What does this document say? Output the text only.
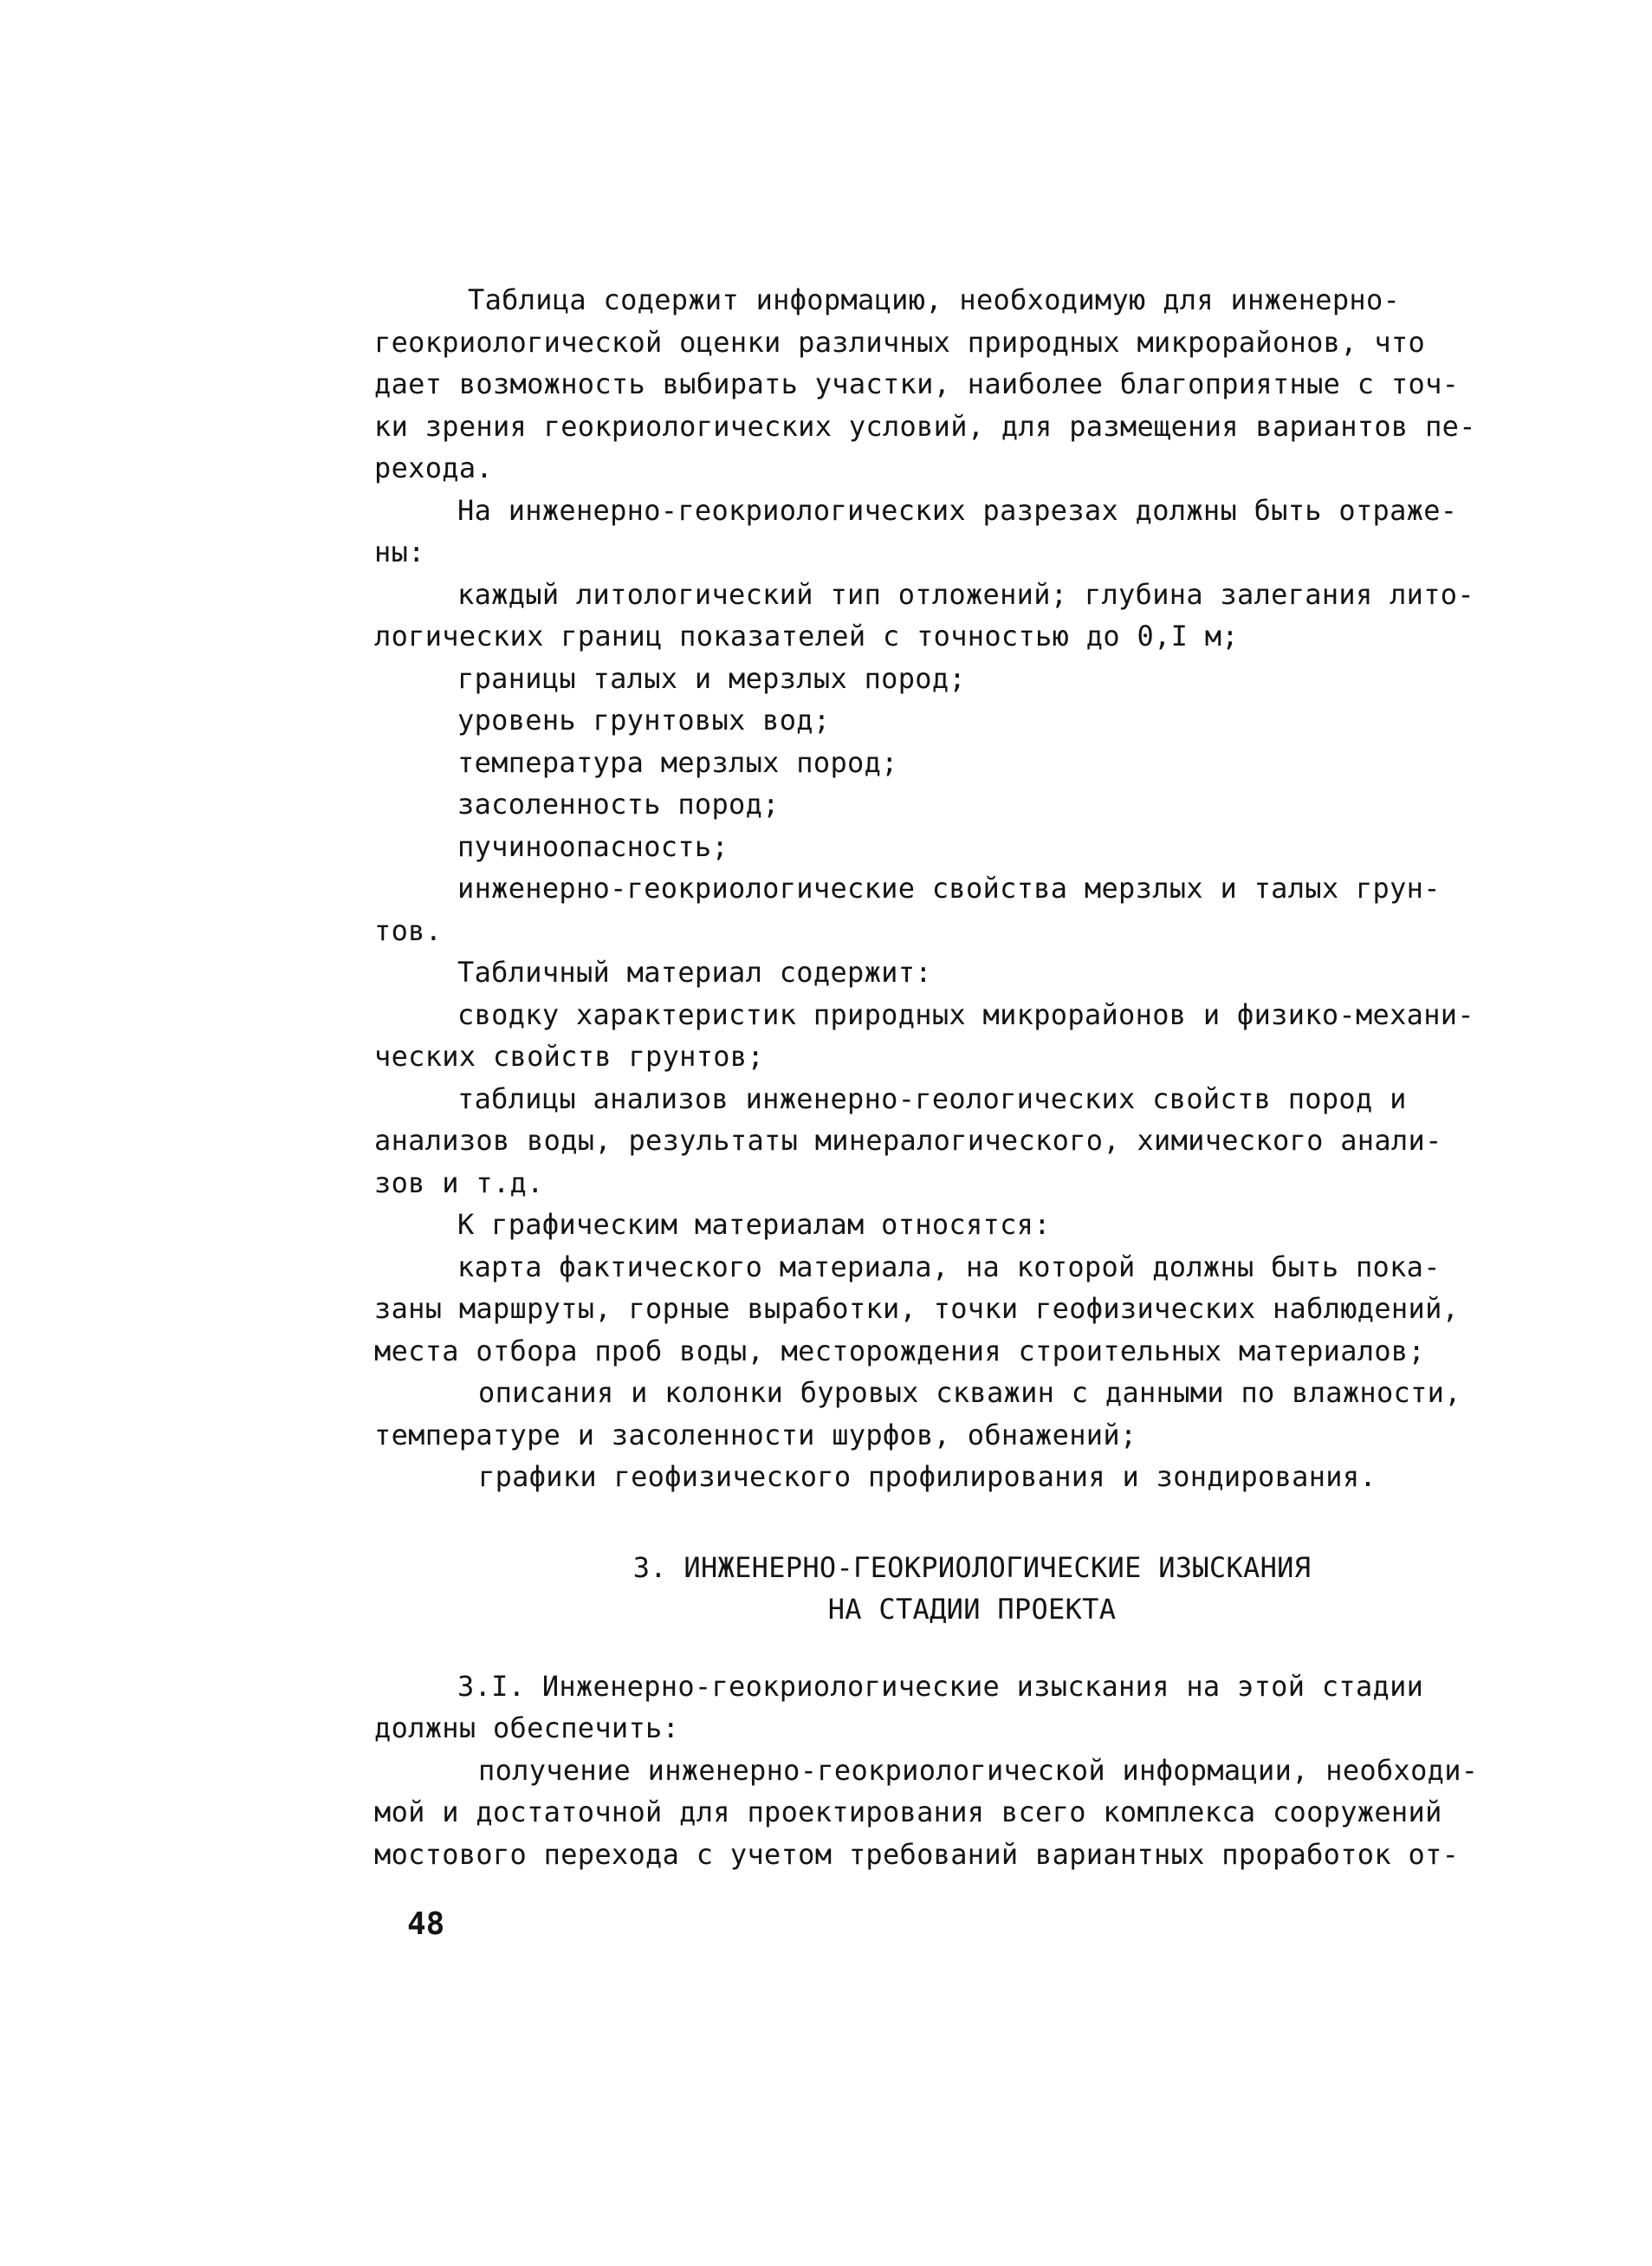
Таблица содержит информацию, необходимую для инженерно-
геокриологической оценки различных природных микрорайонов, что
дает возможность выбирать участки, наиболее благоприятные с точ-
ки зрения геокриологических условий, для размещения вариантов пе-
рехода.
На инженерно-геокриологических разрезах должны быть отраже-
ны:
каждый литологический тип отложений; глубина залегания лито-
логических границ показателей с точностью до 0,I м;
границы талых и мерзлых пород;
уровень грунтовых вод;
температура мерзлых пород;
засоленность пород;
пучиноопасность;
инженерно-геокриологические свойства мерзлых и талых грун-
тов.
Табличный материал содержит:
сводку характеристик природных микрорайонов и физико-механи-
ческих свойств грунтов;
таблицы анализов инженерно-геологических свойств пород и
анализов воды, результаты минералогического, химического анали-
зов и т.д.
К графическим материалам относятся:
карта фактического материала, на которой должны быть пока-
заны маршруты, горные выработки, точки геофизических наблюдений,
места отбора проб воды, месторождения строительных материалов;
описания и колонки буровых скважин с данными по влажности,
температуре и засоленности шурфов, обнажений;
графики геофизического профилирования и зондирования.
3. ИНЖЕНЕРНО-ГЕОКРИОЛОГИЧЕСКИЕ ИЗЫСКАНИЯ
НА СТАДИИ ПРОЕКТА
3.I. Инженерно-геокриологические изыскания на этой стадии
должны обеспечить:
получение инженерно-геокриологической информации, необходи-
мой и достаточной для проектирования всего комплекса сооружений
мостового перехода с учетом требований вариантных проработок от-
48
